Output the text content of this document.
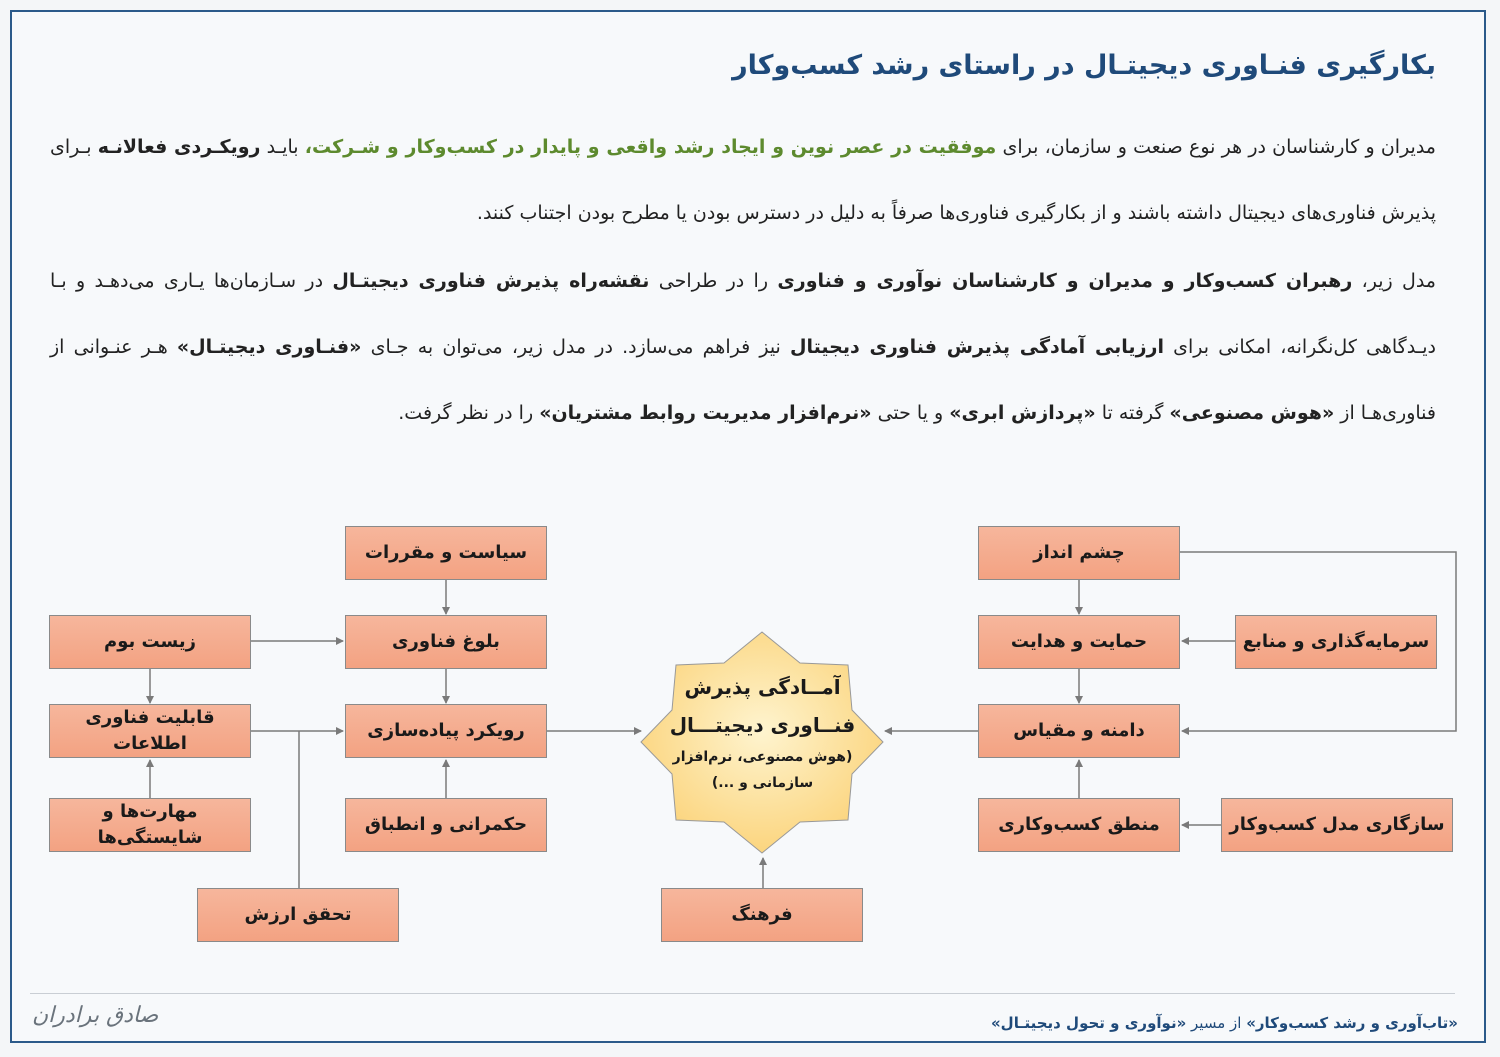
بکارگیری فنـاوری دیجیتـال در راستای رشد کسب‌وکار
مدیران و کارشناسان در هر نوع صنعت و سازمان، برای موفقیت در عصر نوین و ایجاد رشد واقعی و پایدار در کسب‌وکار و شـرکت، بایـد رویکـردی فعالانـه بـرای پذیرش فناوری‌های دیجیتال داشته باشند و از بکارگیری فناوری‌ها صرفاً به دلیل در دسترس بودن یا مطرح بودن اجتناب کنند.
مدل زیر، رهبران کسب‌وکار و مدیران و کارشناسان نوآوری و فناوری را در طراحی نقشه‌راه پذیرش فناوری دیجیتـال در سـازمان‌ها یـاری می‌دهـد و بـا دیـدگاهی کل‌نگرانه، امکانی برای ارزیابی آمادگی پذیرش فناوری دیجیتال نیز فراهم می‌سازد. در مدل زیر، می‌توان به جـای «فنـاوری دیجیتـال» هـر عنـوانی از فناوری‌هـا از «هوش مصنوعی» گرفته تا «پردازش ابری» و یا حتی «نرم‌افزار مدیریت روابط مشتریان» را در نظر گرفت.
آمــادگی پذیرش
فنــاوری دیجیتـــال
(هوش مصنوعی، نرم‌افزار
سازمانی و ...)
سیاست و مقررات
بلوغ فناوری
زیست بوم
رویکرد پیاده‌سازی
قابلیت فناوری اطلاعات
حکمرانی و انطباق
مهارت‌ها و
شایستگی‌ها
تحقق ارزش	فرهنگ
چشم انداز
حمایت و هدایت	سرمایه‌گذاری و منابع
دامنه و مقیاس
منطق کسب‌وکاری	سازگاری مدل کسب‌وکار
«تاب‌آوری و رشد کسب‌وکار» از مسیر «نوآوری و تحول دیجیتـال»
صادق برادران
